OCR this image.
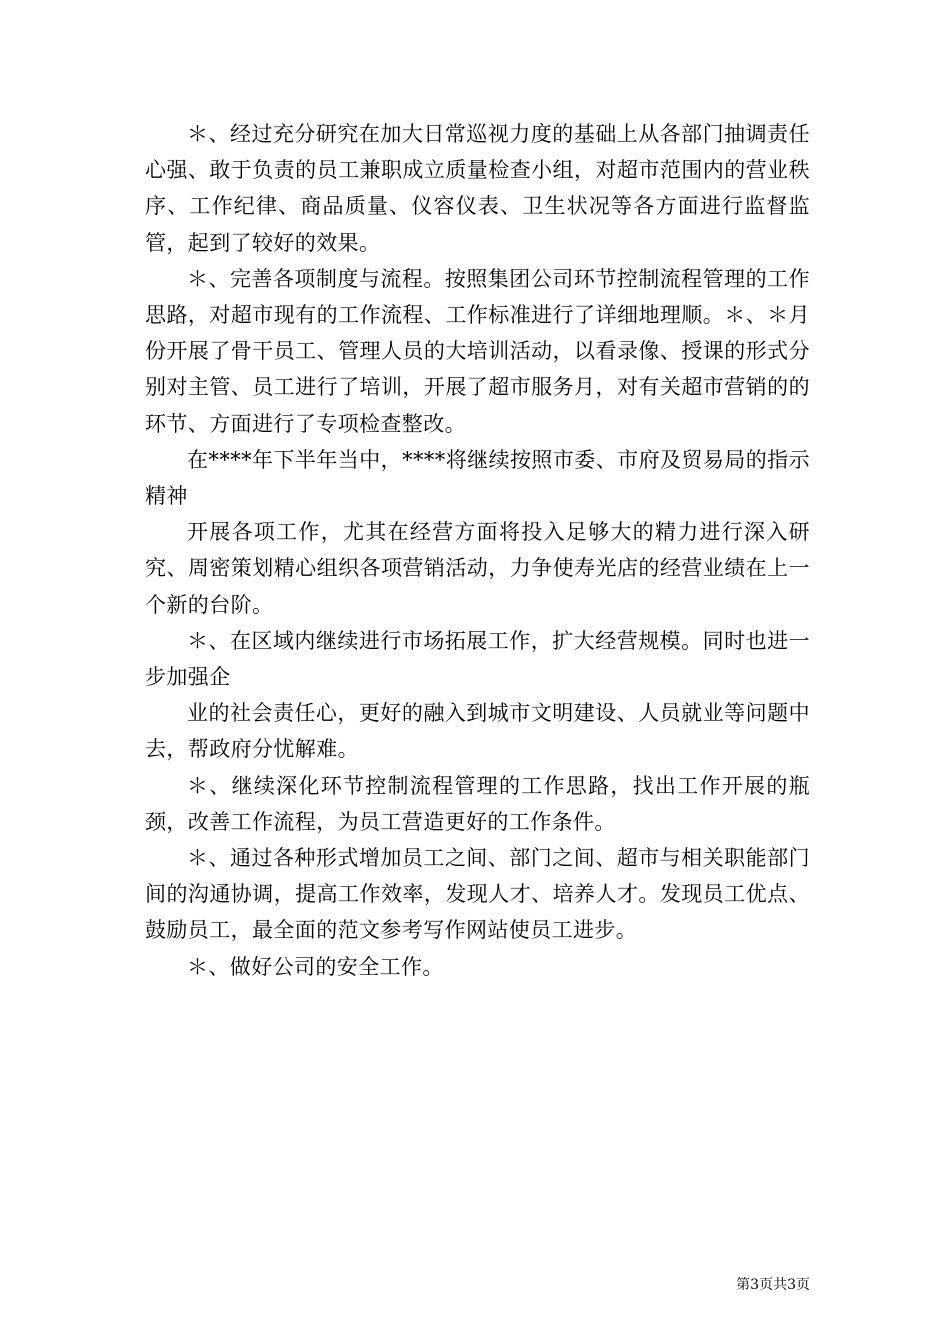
＊、经过充分研究在加大日常巡视力度的基础上从各部门抽调责任心强、敢于负责的员工兼职成立质量检查小组，对超市范围内的营业秩序、工作纪律、商品质量、仪容仪表、卫生状况等各方面进行监督监管，起到了较好的效果。

＊、完善各项制度与流程。按照集团公司环节控制流程管理的工作思路，对超市现有的工作流程、工作标准进行了详细地理顺。＊、＊月份开展了骨干员工、管理人员的大培训活动，以看录像、授课的形式分别对主管、员工进行了培训，开展了超市服务月，对有关超市营销的的环节、方面进行了专项检查整改。

在****年下半年当中，****将继续按照市委、市府及贸易局的指示精神

开展各项工作，尤其在经营方面将投入足够大的精力进行深入研究、周密策划精心组织各项营销活动，力争使寿光店的经营业绩在上一个新的台阶。

＊、在区域内继续进行市场拓展工作，扩大经营规模。同时也进一步加强企

业的社会责任心，更好的融入到城市文明建设、人员就业等问题中去，帮政府分忧解难。

＊、继续深化环节控制流程管理的工作思路，找出工作开展的瓶颈，改善工作流程，为员工营造更好的工作条件。

＊、通过各种形式增加员工之间、部门之间、超市与相关职能部门间的沟通协调，提高工作效率，发现人才、培养人才。发现员工优点、鼓励员工，最全面的范文参考写作网站使员工进步。

＊、做好公司的安全工作。

第3页共3页
